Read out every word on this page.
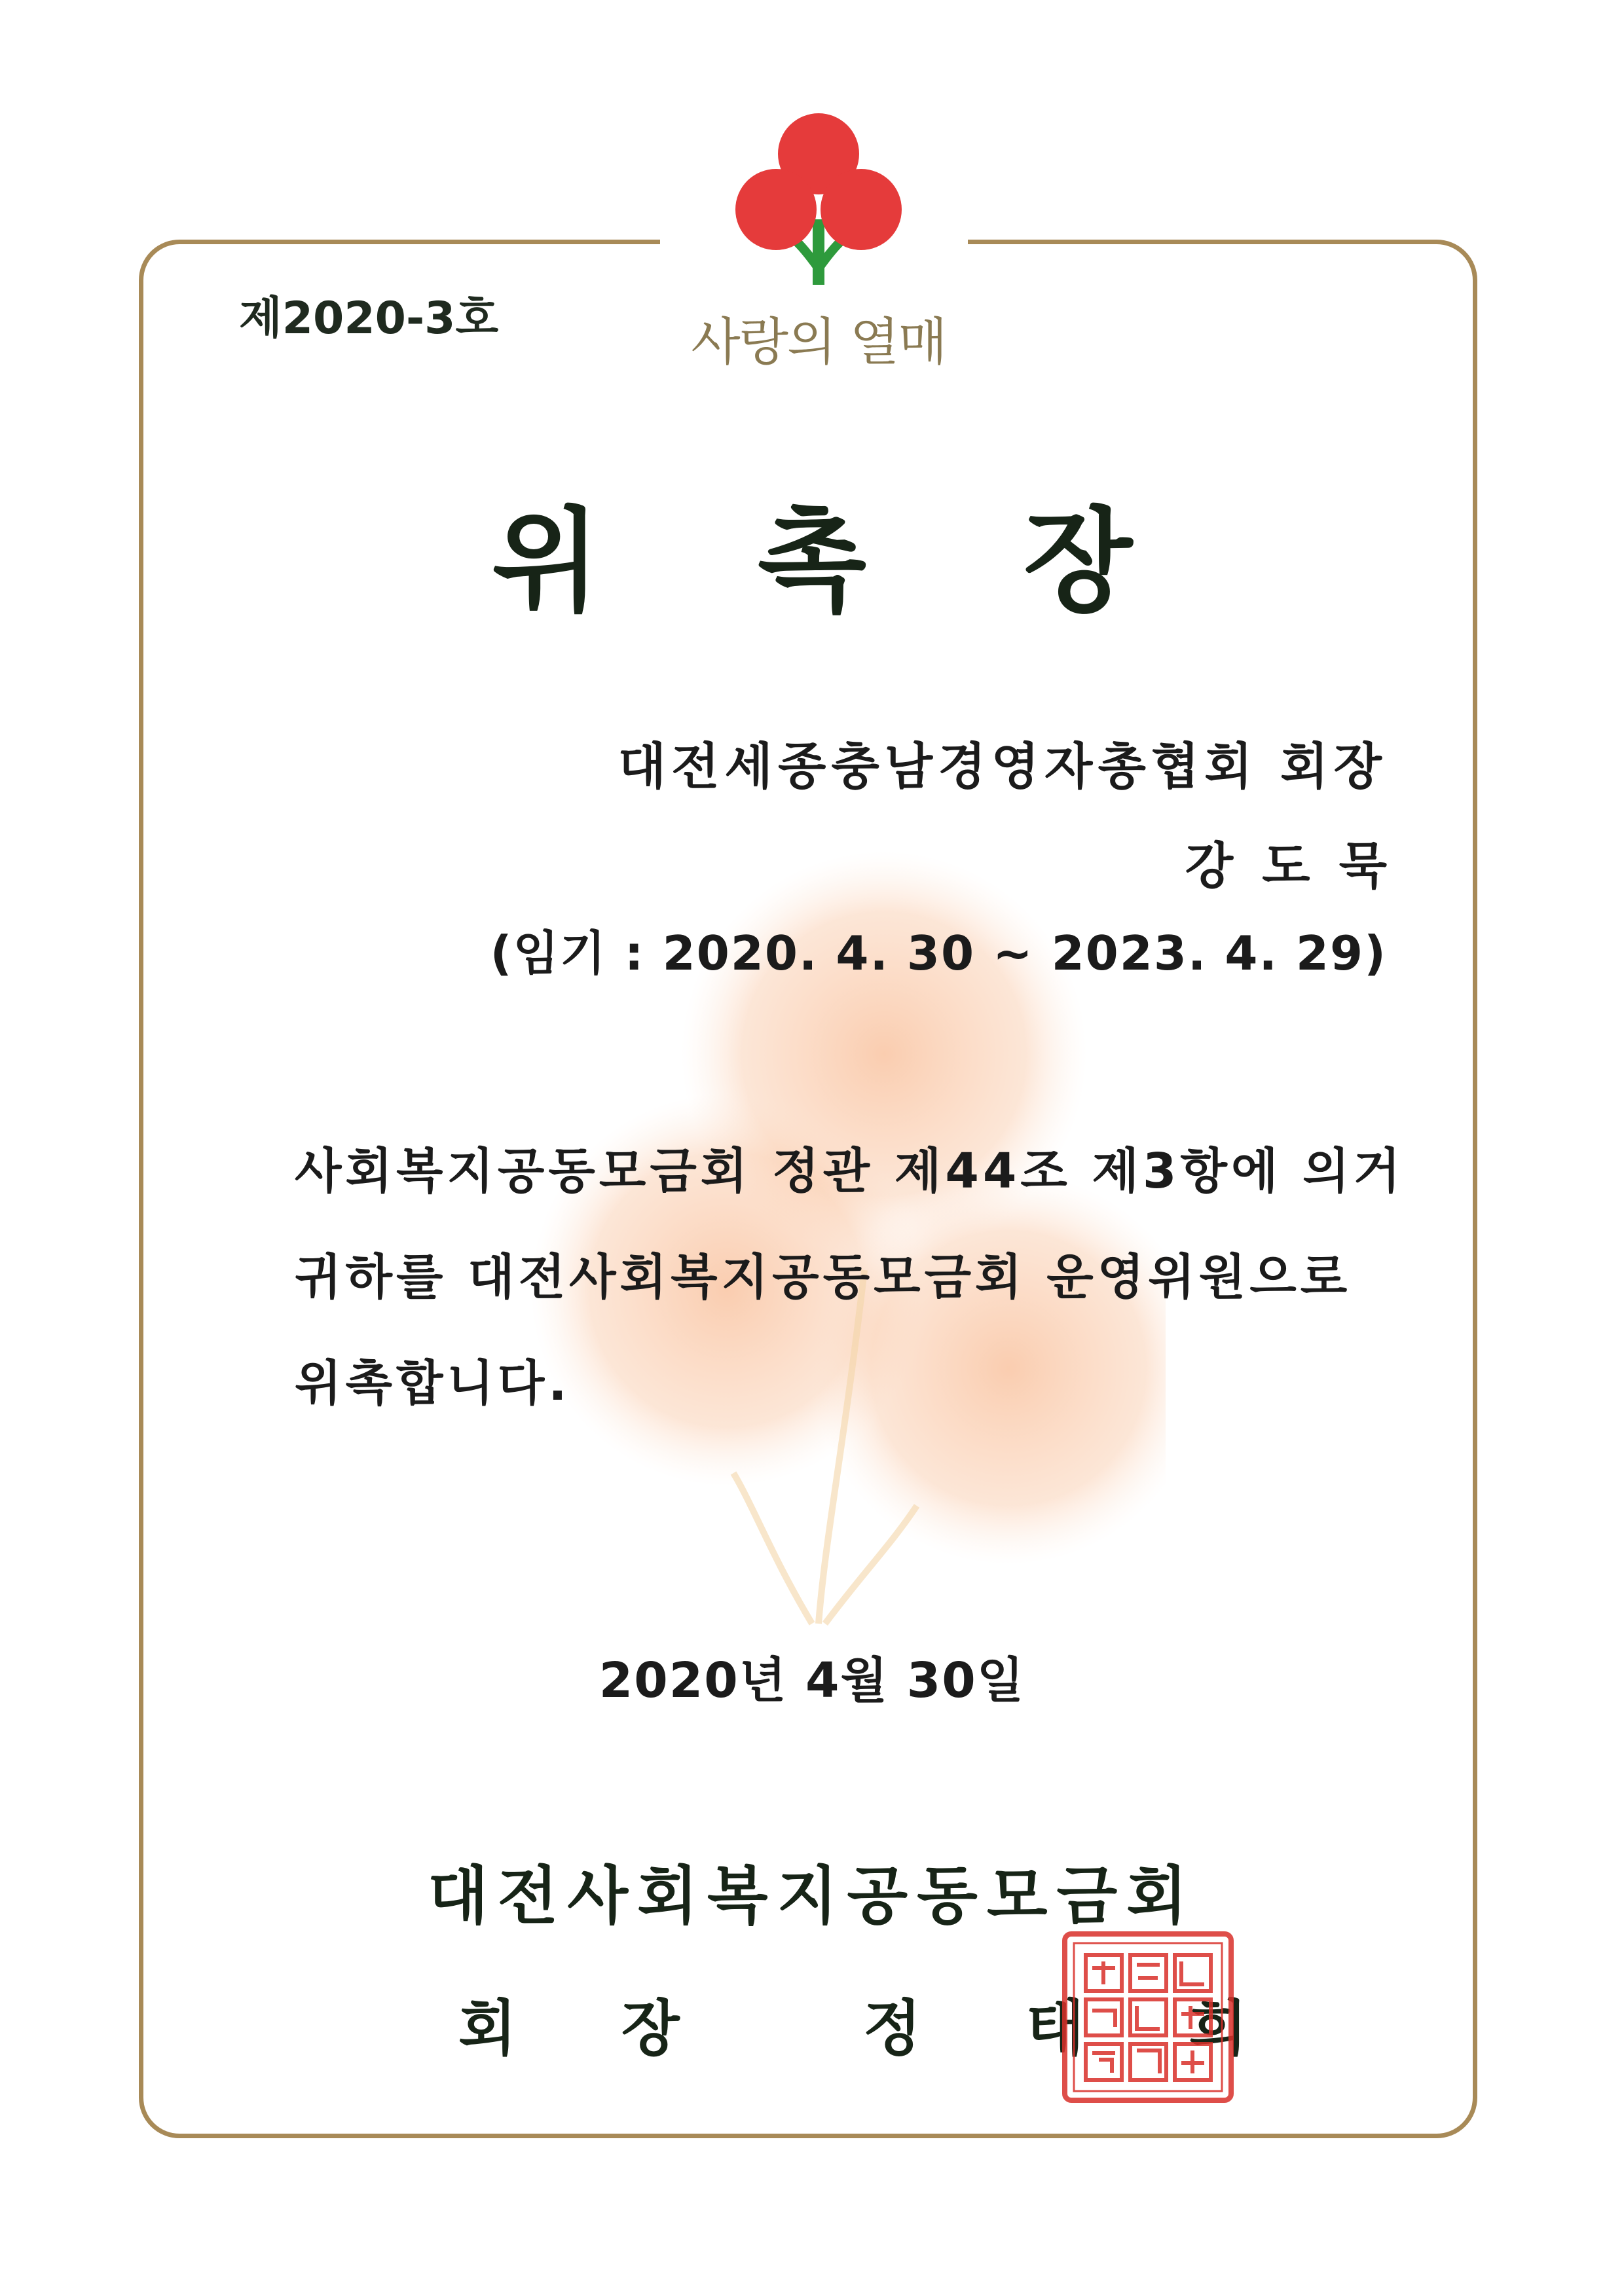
사랑의 열매
제2020-3호
위촉장
대전세종충남경영자총협회 회장
강도묵
(임기 : 2020. 4. 30 ~ 2023. 4. 29)
사회복지공동모금회 정관 제44조 제3항에 의거
귀하를 대전사회복지공동모금회 운영위원으로
위촉합니다.
2020년 4월 30일
대전사회복지공동모금회
회장 정태희
